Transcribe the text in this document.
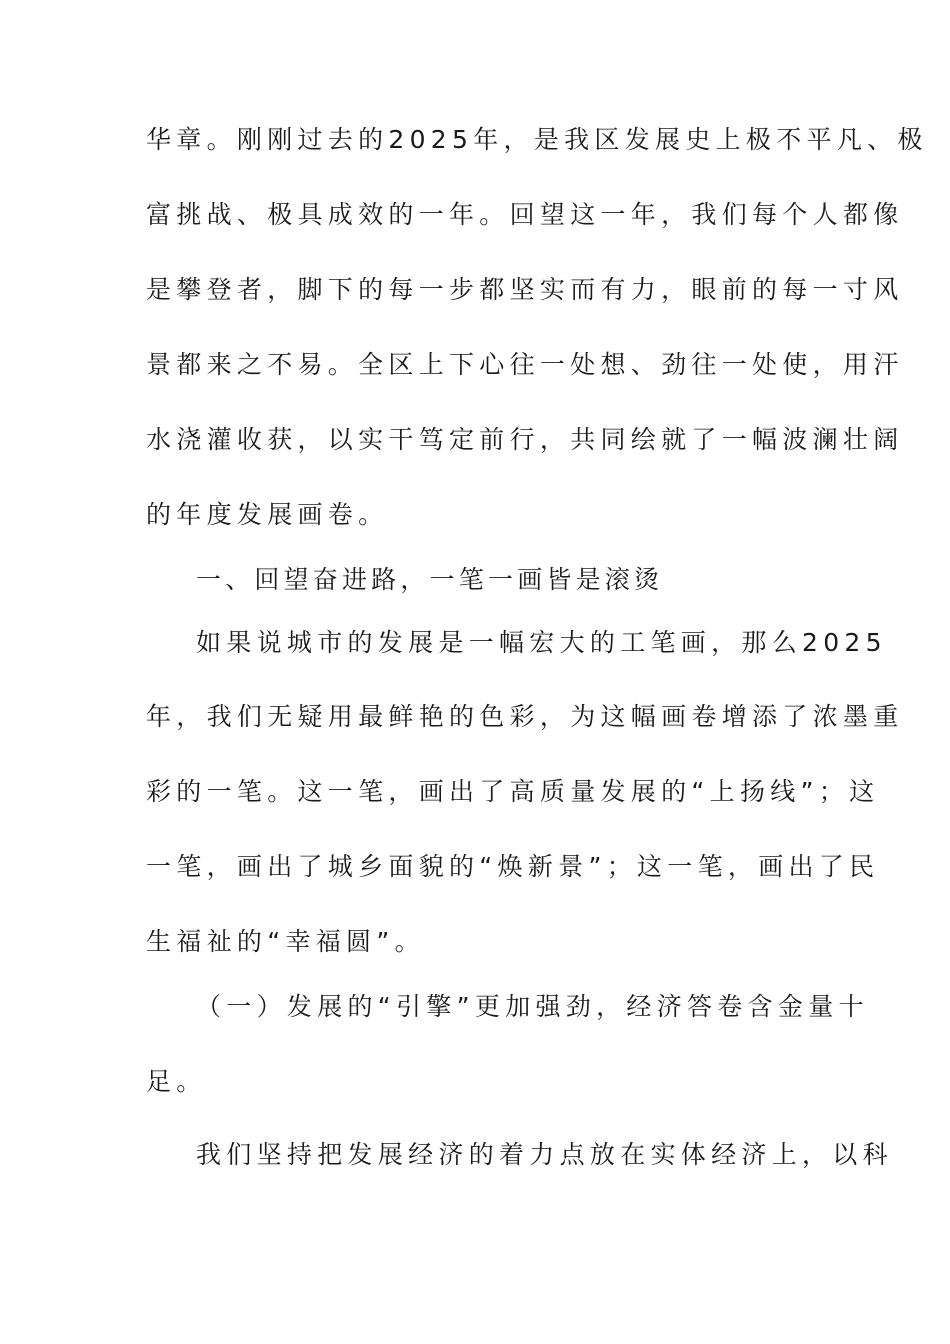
华章。刚刚过去的2025年，是我区发展史上极不平凡、极
富挑战、极具成效的一年。回望这一年，我们每个人都像
是攀登者，脚下的每一步都坚实而有力，眼前的每一寸风
景都来之不易。全区上下心往一处想、劲往一处使，用汗
水浇灌收获，以实干笃定前行，共同绘就了一幅波澜壮阔
的年度发展画卷。
一、回望奋进路，一笔一画皆是滚烫
如果说城市的发展是一幅宏大的工笔画，那么2025
年，我们无疑用最鲜艳的色彩，为这幅画卷增添了浓墨重
彩的一笔。这一笔，画出了高质量发展的“上扬线”；这
一笔，画出了城乡面貌的“焕新景”；这一笔，画出了民
生福祉的“幸福圆”。
（一）发展的“引擎”更加强劲，经济答卷含金量十
足。
我们坚持把发展经济的着力点放在实体经济上，以科
